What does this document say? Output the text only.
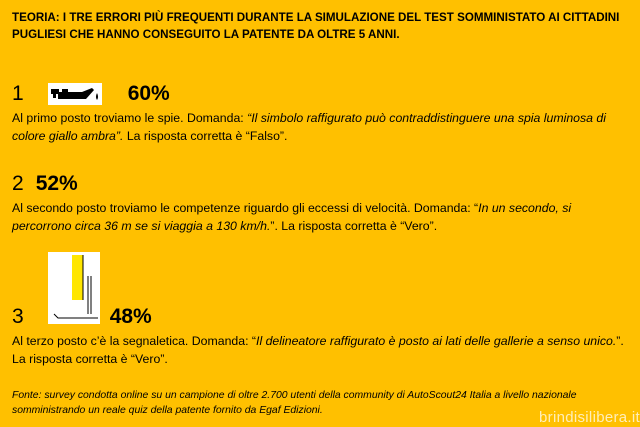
TEORIA: I TRE ERRORI PIÙ FREQUENTI DURANTE LA SIMULAZIONE DEL TEST SOMMINISTATO AI CITTADINI PUGLIESI CHE HANNO CONSEGUITO LA PATENTE DA OLTRE 5 ANNI.
1	60%
Al primo posto troviamo le spie. Domanda: “Il simbolo raffigurato può contraddistinguere una spia luminosa di colore giallo ambra”. La risposta corretta è “Falso”.
2 52%
Al secondo posto troviamo le competenze riguardo gli eccessi di velocità. Domanda: “In un secondo, si percorrono circa 36 m se si viaggia a 130 km/h.”. La risposta corretta è “Vero”.
3	48%
Al terzo posto c’è la segnaletica. Domanda: “Il delineatore raffigurato è posto ai lati delle gallerie a senso unico.”. La risposta corretta è “Vero”.
Fonte: survey condotta online su un campione di oltre 2.700 utenti della community di AutoScout24 Italia a livello nazionale somministrando un reale quiz della patente fornito da Egaf Edizioni.	brindisilibera.it
